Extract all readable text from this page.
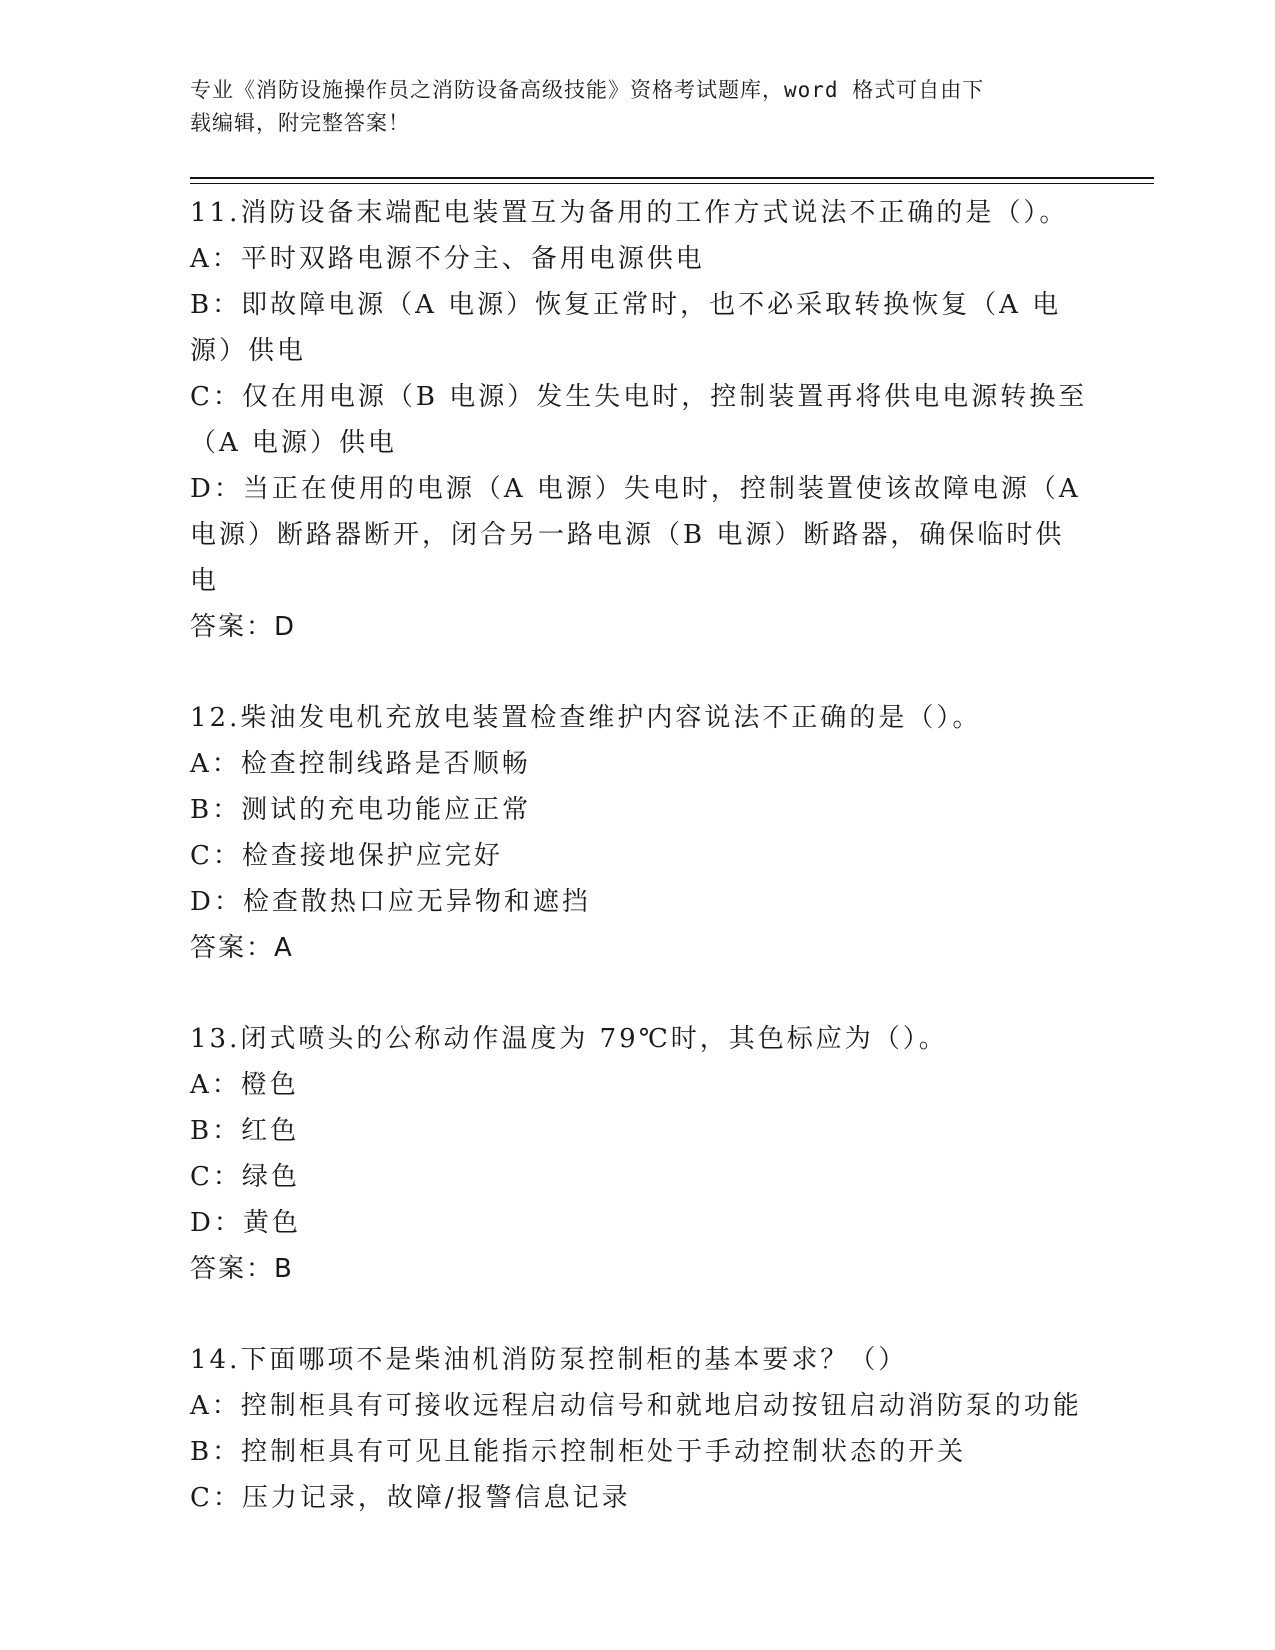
专业《消防设施操作员之消防设备高级技能》资格考试题库，word 格式可自由下
载编辑，附完整答案！
11.消防设备末端配电装置互为备用的工作方式说法不正确的是（）。
A：平时双路电源不分主、备用电源供电
B：即故障电源（A 电源）恢复正常时，也不必采取转换恢复（A 电源）供电
C：仅在用电源（B 电源）发生失电时，控制装置再将供电电源转换至（A 电源）供电
D：当正在使用的电源（A 电源）失电时，控制装置使该故障电源（A 电源）断路器断开，闭合另一路电源（B 电源）断路器，确保临时供电
答案：D
12.柴油发电机充放电装置检查维护内容说法不正确的是（）。
A：检查控制线路是否顺畅
B：测试的充电功能应正常
C：检查接地保护应完好
D：检查散热口应无异物和遮挡
答案：A
13.闭式喷头的公称动作温度为 79℃时，其色标应为（）。
A：橙色
B：红色
C：绿色
D：黄色
答案：B
14.下面哪项不是柴油机消防泵控制柜的基本要求？（）
A：控制柜具有可接收远程启动信号和就地启动按钮启动消防泵的功能
B：控制柜具有可见且能指示控制柜处于手动控制状态的开关
C：压力记录，故障/报警信息记录
